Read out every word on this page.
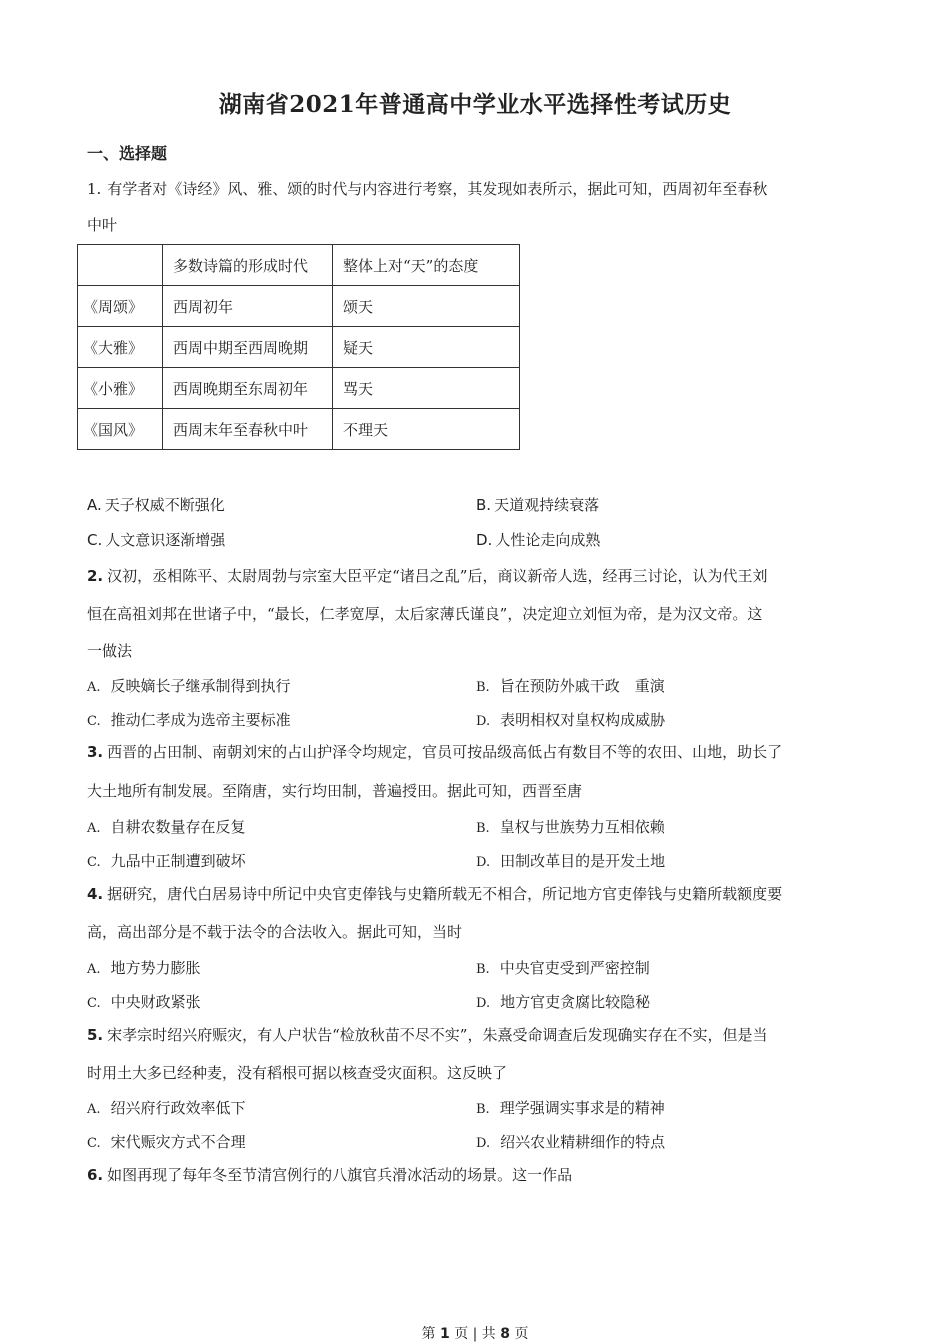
湖南省2021年普通高中学业水平选择性考试历史
一、选择题
1. 有学者对《诗经》风、雅、颂的时代与内容进行考察，其发现如表所示，据此可知，西周初年至春秋
中叶
	多数诗篇的形成时代	整体上对“天”的态度
《周颂》	西周初年	颂天
《大雅》	西周中期至西周晚期	疑天
《小雅》	西周晚期至东周初年	骂天
《国风》	西周末年至春秋中叶	不理天
A. 天子权威不断强化	B. 天道观持续衰落
C. 人文意识逐渐增强	D. 人性论走向成熟
2. 汉初，丞相陈平、太尉周勃与宗室大臣平定“诸吕之乱”后，商议新帝人选，经再三讨论，认为代王刘
恒在高祖刘邦在世诸子中，“最长，仁孝宽厚，太后家薄氏谨良”，决定迎立刘恒为帝，是为汉文帝。这
一做法
A. 反映嫡长子继承制得到执行	B. 旨在预防外戚干政　重演
C. 推动仁孝成为选帝主要标准	D. 表明相权对皇权构成威胁
3. 西晋的占田制、南朝刘宋的占山护泽令均规定，官员可按品级高低占有数目不等的农田、山地，助长了
大土地所有制发展。至隋唐，实行均田制，普遍授田。据此可知，西晋至唐
A. 自耕农数量存在反复	B. 皇权与世族势力互相依赖
C. 九品中正制遭到破坏	D. 田制改革目的是开发土地
4. 据研究，唐代白居易诗中所记中央官吏俸钱与史籍所载无不相合，所记地方官吏俸钱与史籍所载额度要
高，高出部分是不载于法令的合法收入。据此可知，当时
A. 地方势力膨胀	B. 中央官吏受到严密控制
C. 中央财政紧张	D. 地方官吏贪腐比较隐秘
5. 宋孝宗时绍兴府赈灾，有人户状告“检放秋苗不尽不实”，朱熹受命调查后发现确实存在不实，但是当
时用土大多已经种麦，没有稻根可据以核查受灾面积。这反映了
A. 绍兴府行政效率低下	B. 理学强调实事求是的精神
C. 宋代赈灾方式不合理	D. 绍兴农业精耕细作的特点
6. 如图再现了每年冬至节清宫例行的八旗官兵滑冰活动的场景。这一作品
第 1 页 | 共 8 页
